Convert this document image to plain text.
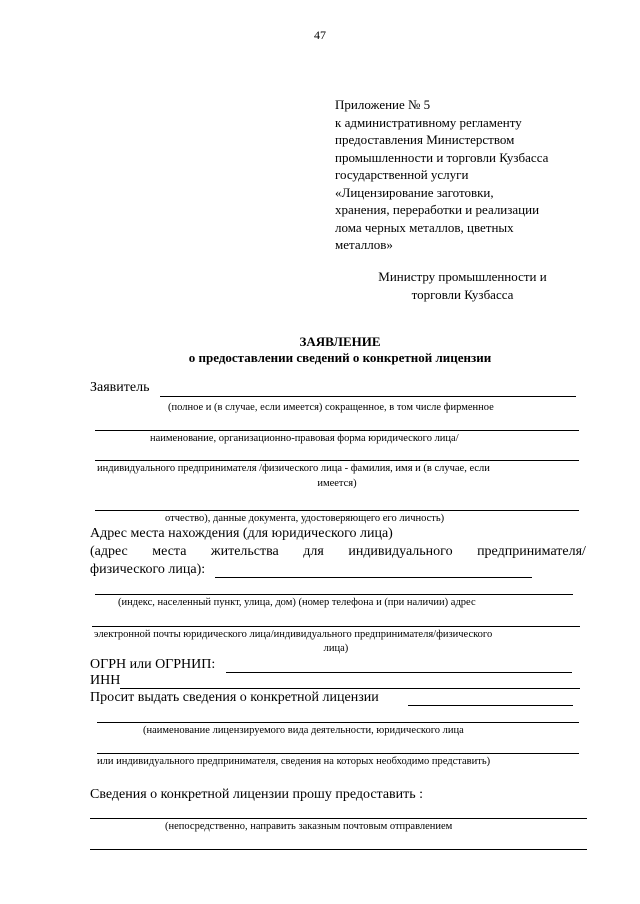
47
Приложение № 5
к административному регламенту
предоставления Министерством
промышленности и торговли Кузбасса
государственной услуги
«Лицензирование заготовки,
хранения, переработки и реализации
лома черных металлов, цветных
металлов»
Министру промышленности и торговли Кузбасса
ЗАЯВЛЕНИЕ
о предоставлении сведений о конкретной лицензии
Заявитель
(полное и (в случае, если имеется) сокращенное, в том числе фирменное
наименование, организационно-правовая форма юридического лица/
индивидуального предпринимателя /физического лица - фамилия, имя и (в случае, если
имеется)
отчество), данные документа, удостоверяющего его личность)
Адрес места нахождения (для юридического лица)
(адрес места жительства для индивидуального предпринимателя/
физического лица):
(индекс, населенный пункт, улица, дом) (номер телефона и (при наличии) адрес
электронной почты юридического лица/индивидуального предпринимателя/физического
лица)
ОГРН или ОГРНИП:
ИНН
Просит выдать сведения о конкретной лицензии
(наименование лицензируемого вида деятельности, юридического лица
или индивидуального предпринимателя, сведения на которых необходимо представить)
Сведения о конкретной лицензии прошу предоставить :
(непосредственно, направить заказным почтовым отправлением
